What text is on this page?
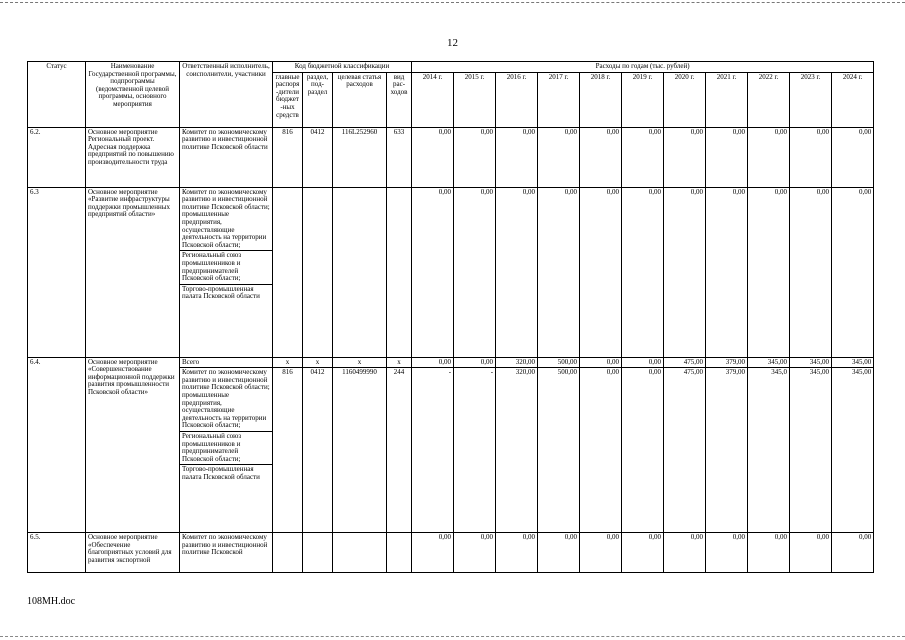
12
Статус	Наименование Государственной программы, подпрограммы (ведомственной целевой программы, основного мероприятия	Ответственный исполнитель, соисполнители, участники	Код бюджетной классификации				Расходы по годам (тыс. рублей)										
			главные распоря-дители бюджет-ных средств	раздел, под-раздел	целевая статья расходов	вид рас-ходов	2014 г.	2015 г.	2016 г.	2017 г.	2018 г.	2019 г.	2020 г.	2021 г.	2022 г.	2023 г.	2024 г.
6.2.	Основное мероприятие Региональный проект. Адресная поддержка предприятий по повышению производительности труда	Комитет по экономическому развитию и инвестиционной политике Псковской области	816	0412	116L252960	633	0,00	0,00	0,00	0,00	0,00	0,00	0,00	0,00	0,00	0,00	0,00
6.3	Основное мероприятие «Развитие инфраструктуры поддержки промышленных предприятий области»	Комитет по экономическому развитию и инвестиционной политике Псковской области; промышленные предприятия, осуществляющие деятельность на территории Псковской области;
Региональный союз промышленников и предпринимателей Псковской области;
Торгово-промышленная палата Псковской области					0,00	0,00	0,00	0,00	0,00	0,00	0,00	0,00	0,00	0,00	0,00
6.4.	Основное мероприятие «Совершенствование информационной поддержки развития промышленности Псковской области»	Всего	x	x	x	x	0,00	0,00	320,00	500,00	0,00	0,00	475,00	379,00	345,00	345,00	345,00

		Комитет по экономическому развитию и инвестиционной политике Псковской области; промышленные предприятия, осуществляющие деятельность на территории Псковской области;
Региональный союз промышленников и предпринимателей Псковской области;
Торгово-промышленная палата Псковской области	816	0412	1160499990	244	-	-	320,00	500,00	0,00	0,00	475,00	379,00	345,0	345,00	345,00
6.5.	Основное мероприятие «Обеспечение благоприятных условий для развития экспортной	Комитет по экономическому развитию и инвестиционной политике Псковской					0,00	0,00	0,00	0,00	0,00	0,00	0,00	0,00	0,00	0,00	0,00
108MH.doc
